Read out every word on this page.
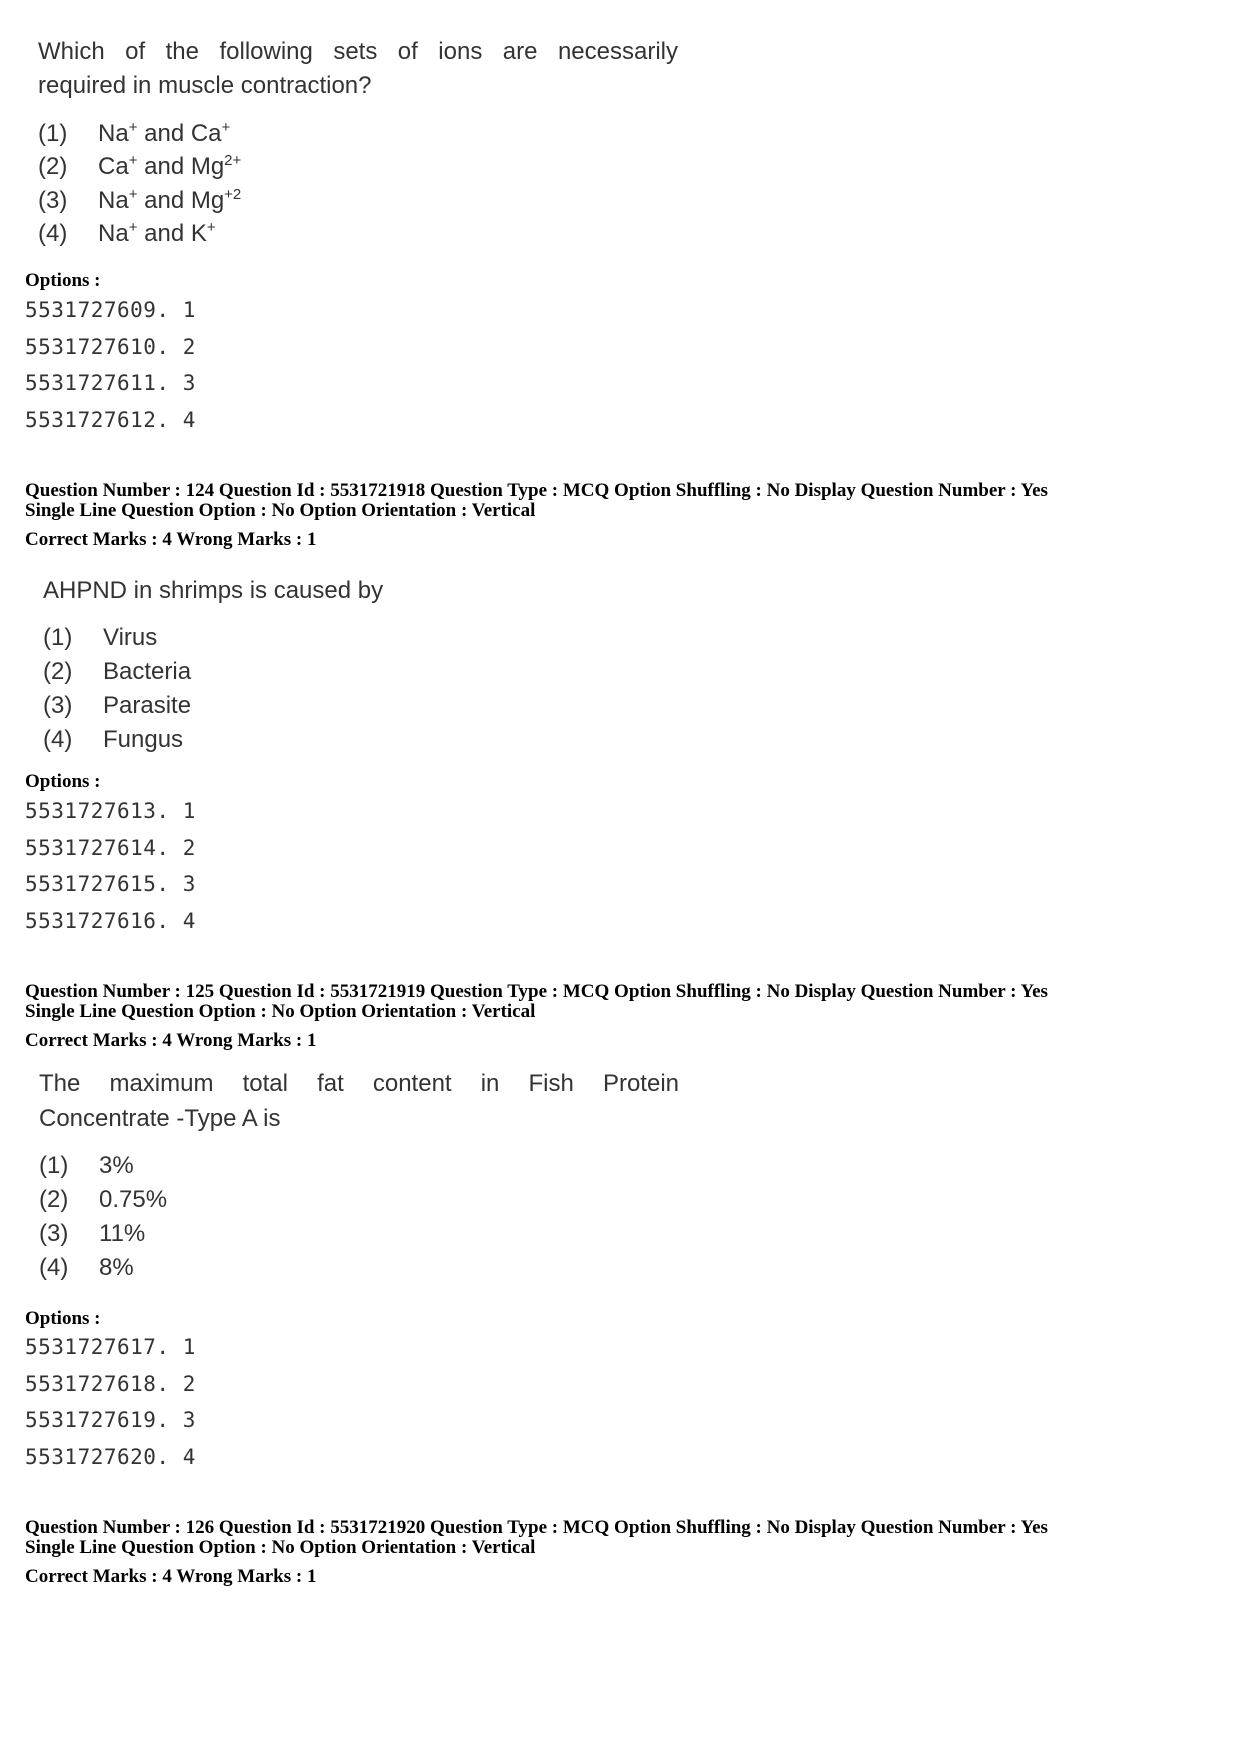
Which of the following sets of ions are necessarily
required in muscle contraction?
(1) Na+ and Ca+
(2) Ca+ and $Mg^{2+}$
(3) Na+ and $Mg^{+2}$
(4) Na+ and K+
Options :
5531727609. 1
5531727610. 2
5531727611. 3
5531727612. 4
Question Number : 124 Question Id : 5531721918 Question Type : MCQ Option Shuffling : No Display Question Number : Yes
Single Line Question Option : No Option Orientation : Vertical
Correct Marks : 4 Wrong Marks : 1
AHPND in shrimps is caused by
(1) Virus
(2) Bacteria
(3) Parasite
(4) Fungus
Options :
5531727613. 1
5531727614. 2
5531727615. 3
5531727616. 4
Question Number : 125 Question Id : 5531721919 Question Type : MCQ Option Shuffling : No Display Question Number : Yes
Single Line Question Option : No Option Orientation : Vertical
Correct Marks : 4 Wrong Marks : 1
The maximum total fat content in Fish Protein
Concentrate -Type A is
(1) 3%
(2) 0.75%
(3) 11%
(4) 8%
Options :
5531727617. 1
5531727618. 2
5531727619. 3
5531727620. 4
Question Number : 126 Question Id : 5531721920 Question Type : MCQ Option Shuffling : No Display Question Number : Yes
Single Line Question Option : No Option Orientation : Vertical
Correct Marks : 4 Wrong Marks : 1
